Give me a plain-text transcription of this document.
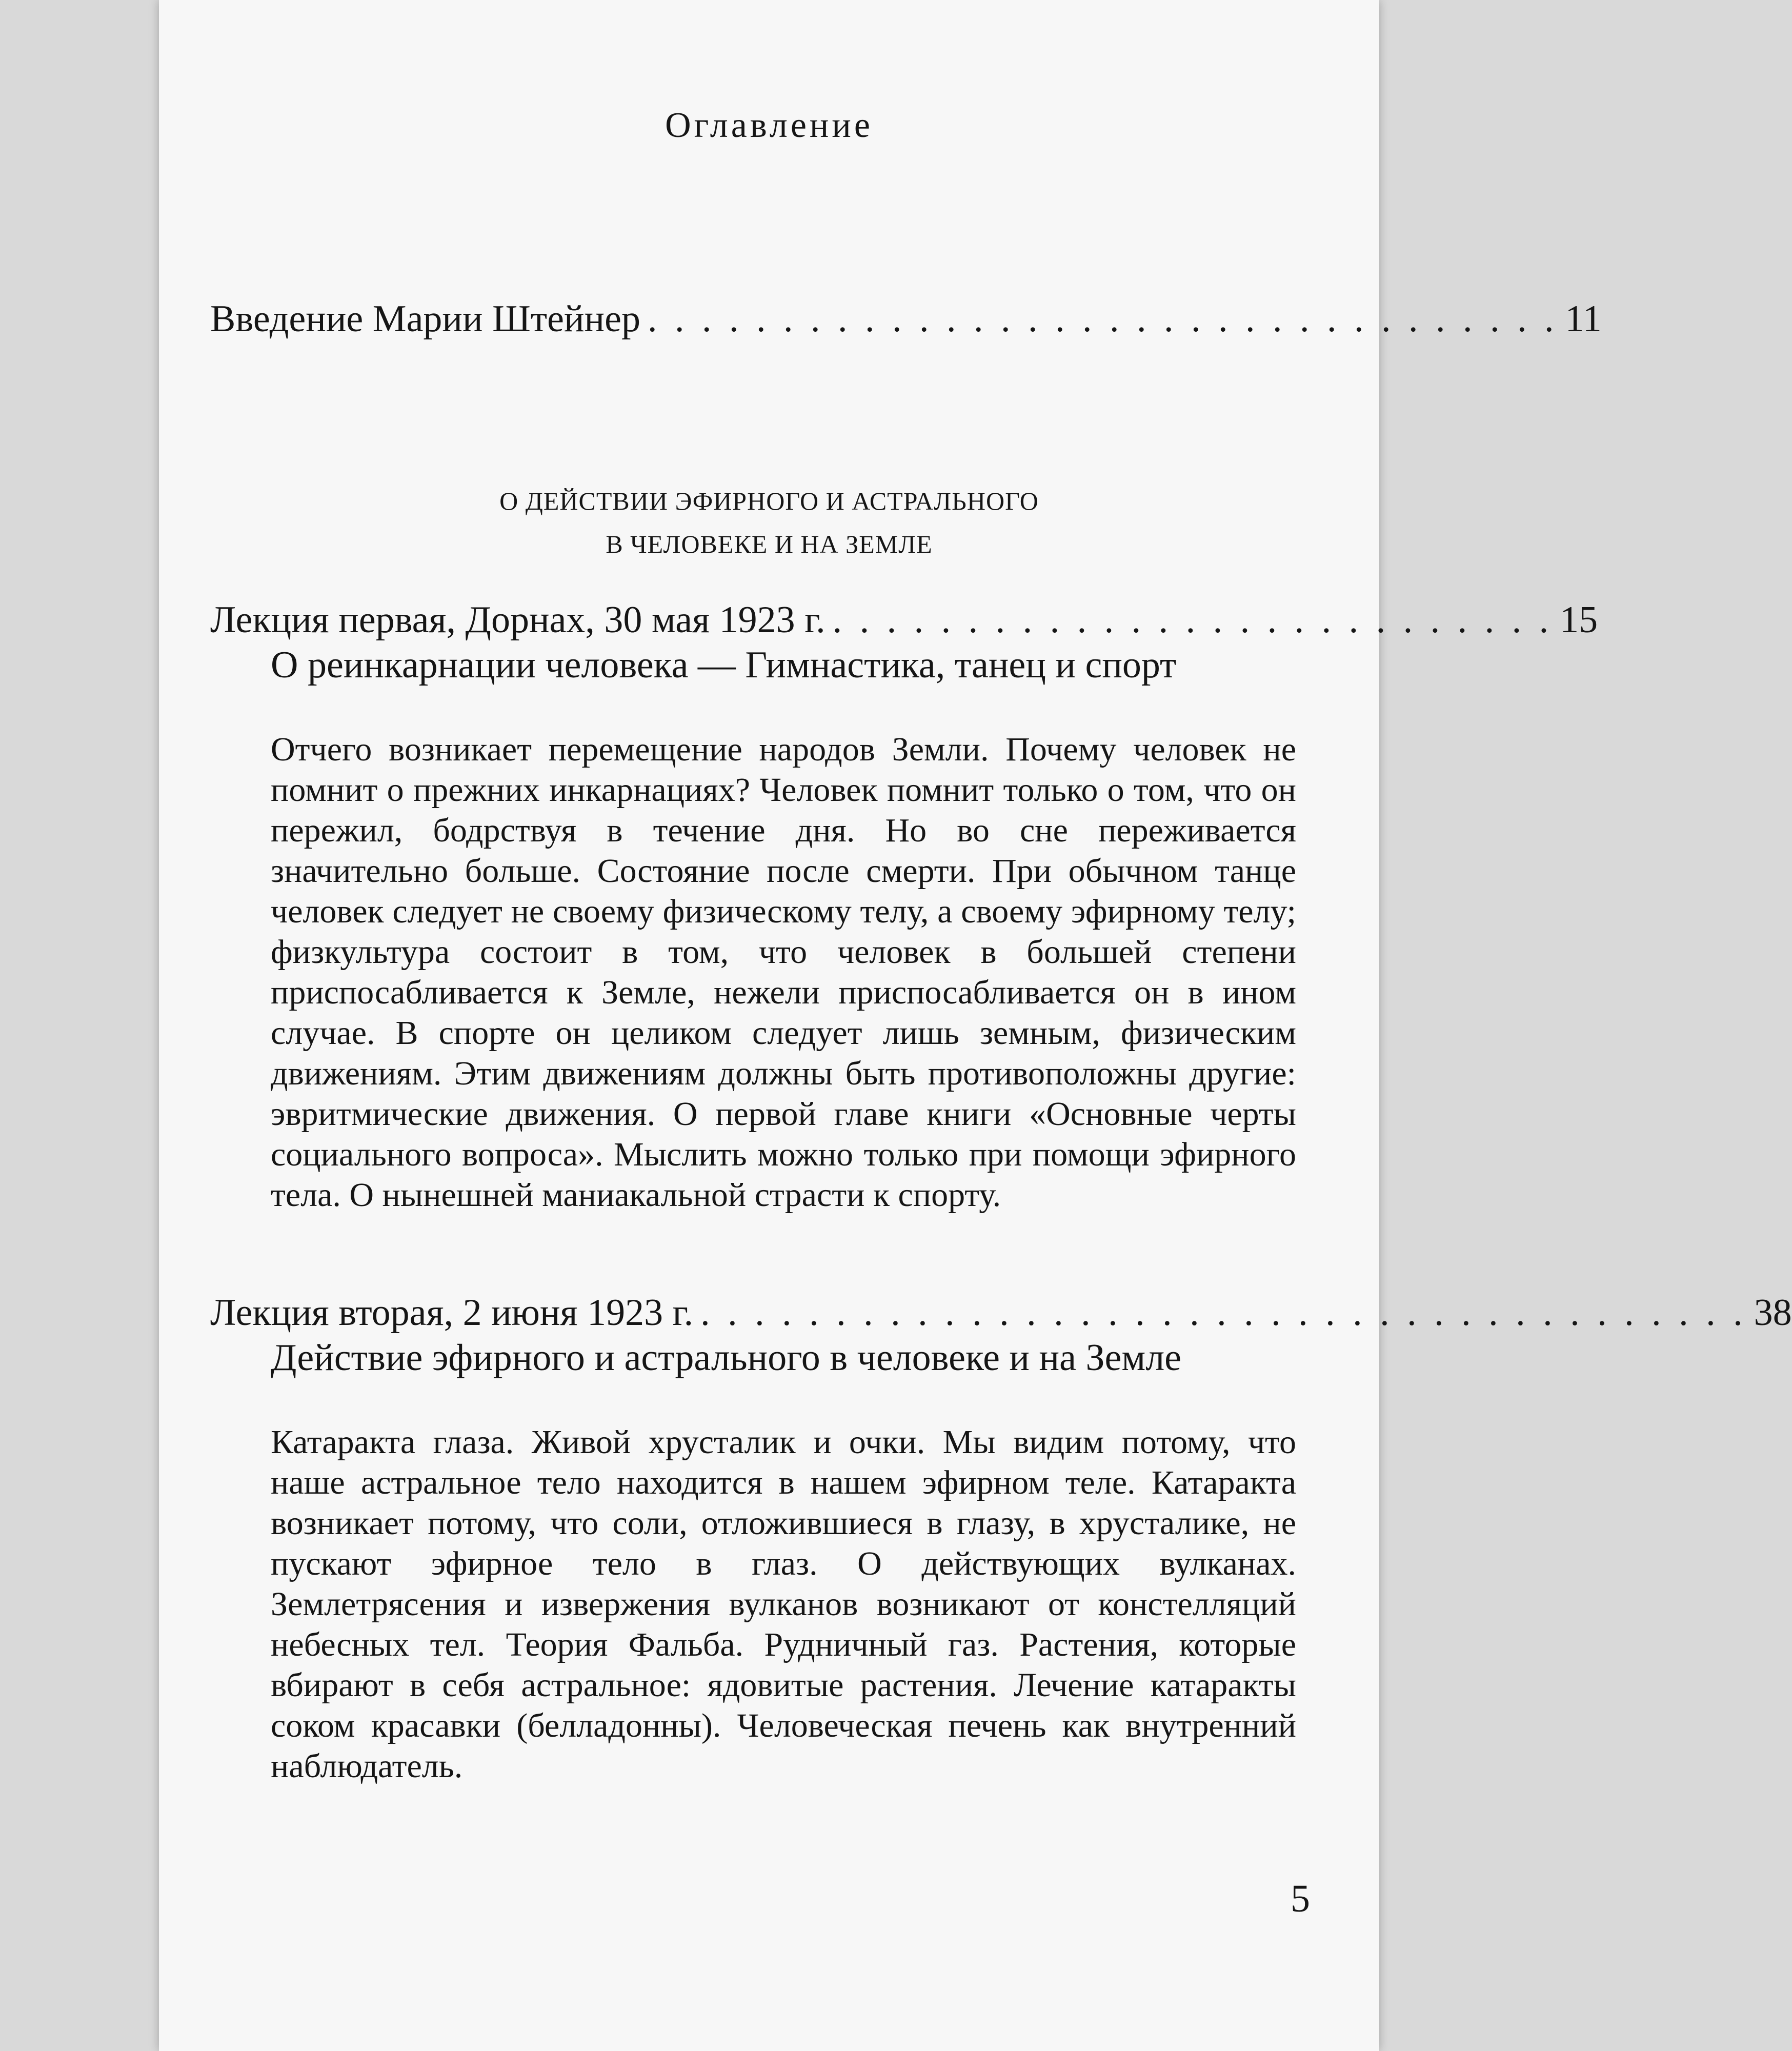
Оглавление
Введение Марии Штейнер . . . . . . . . . . . . . . . . . . . . . . . . . . . . . . . . . . 11
О ДЕЙСТВИИ ЭФИРНОГО И АСТРАЛЬНОГО
В ЧЕЛОВЕКЕ И НА ЗЕМЛЕ
Лекция первая, Дорнах, 30 мая 1923 г. . . . . . . . . . . . . . . . . . . . . . . . . . . . 15
О реинкарнации человека — Гимнастика, танец и спорт
Отчего возникает перемещение народов Земли. Почему человек не помнит о прежних инкарнациях? Человек помнит только о том, что он пережил, бодрствуя в течение дня. Но во сне переживается значительно больше. Состояние после смерти. При обычном танце человек следует не своему физическому телу, а своему эфирному телу; физкультура состоит в том, что человек в большей степени приспосабливается к Земле, нежели приспосабливается он в ином случае. В спорте он целиком следует лишь земным, физическим движениям. Этим движениям должны быть противоположны другие: эвритмические движения. О первой главе книги «Основные черты социального вопроса». Мыслить можно только при помощи эфирного тела. О нынешней маниакальной страсти к спорту.
Лекция вторая, 2 июня 1923 г. . . . . . . . . . . . . . . . . . . . . . . . . . . . . . . . . . . . . . . . 38
Действие эфирного и астрального в человеке и на Земле
Катаракта глаза. Живой хрусталик и очки. Мы видим потому, что наше астральное тело находится в нашем эфирном теле. Катаракта возникает потому, что соли, отложившиеся в глазу, в хрусталике, не пускают эфирное тело в глаз. О действующих вулканах. Землетрясения и извержения вулканов возникают от констелляций небесных тел. Теория Фальба. Рудничный газ. Растения, которые вбирают в себя астральное: ядовитые растения. Лечение катаракты соком красавки (белладонны). Человеческая печень как внутренний наблюдатель.
5
